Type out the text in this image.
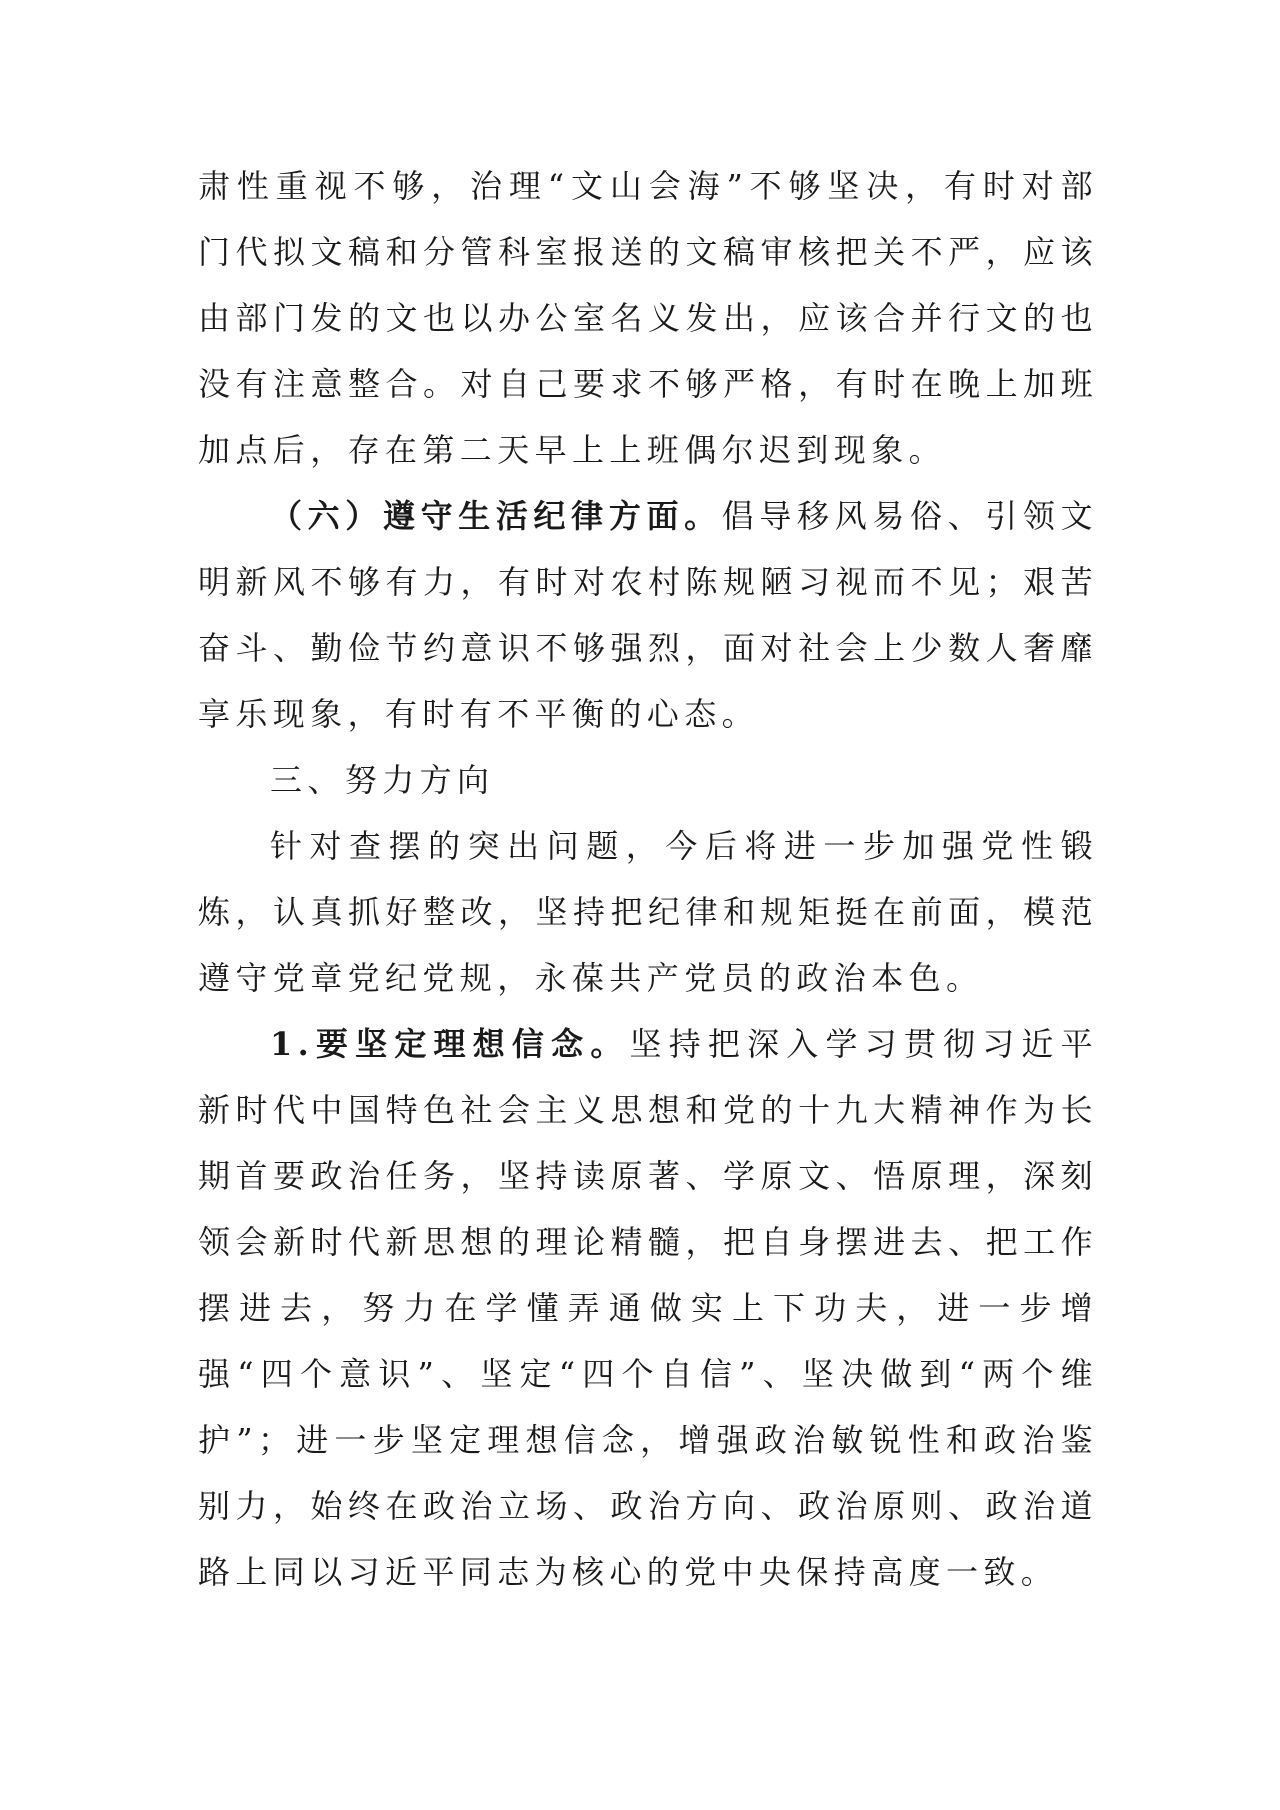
肃性重视不够，治理“文山会海”不够坚决，有时对部门代拟文稿和分管科室报送的文稿审核把关不严，应该由部门发的文也以办公室名义发出，应该合并行文的也没有注意整合。对自己要求不够严格，有时在晚上加班加点后，存在第二天早上上班偶尔迟到现象。

（六）遵守生活纪律方面。倡导移风易俗、引领文明新风不够有力，有时对农村陈规陋习视而不见；艰苦奋斗、勤俭节约意识不够强烈，面对社会上少数人奢靡享乐现象，有时有不平衡的心态。

三、努力方向

针对查摆的突出问题，今后将进一步加强党性锻炼，认真抓好整改，坚持把纪律和规矩挺在前面，模范遵守党章党纪党规，永葆共产党员的政治本色。

1.要坚定理想信念。坚持把深入学习贯彻习近平新时代中国特色社会主义思想和党的十九大精神作为长期首要政治任务，坚持读原著、学原文、悟原理，深刻领会新时代新思想的理论精髓，把自身摆进去、把工作摆进去，努力在学懂弄通做实上下功夫，进一步增强“四个意识”、坚定“四个自信”、坚决做到“两个维护”；进一步坚定理想信念，增强政治敏锐性和政治鉴别力，始终在政治立场、政治方向、政治原则、政治道路上同以习近平同志为核心的党中央保持高度一致。
